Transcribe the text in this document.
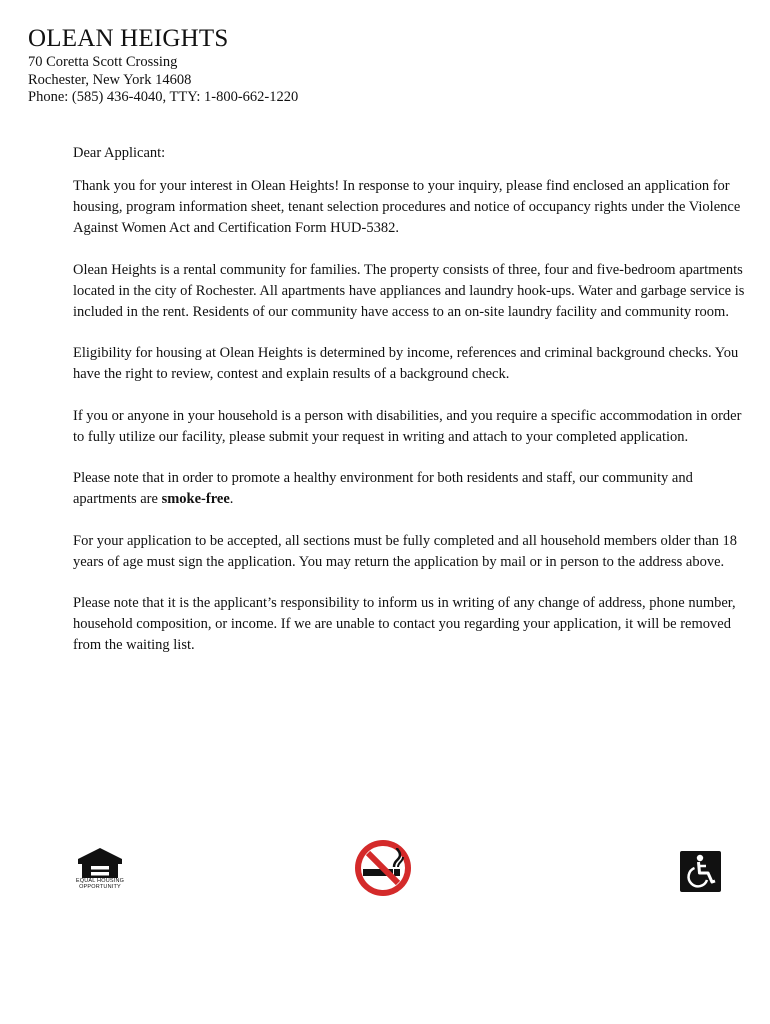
OLEAN HEIGHTS
70 Coretta Scott Crossing
Rochester, New York 14608
Phone: (585) 436-4040, TTY: 1-800-662-1220

Dear Applicant:

Thank you for your interest in Olean Heights! In response to your inquiry, please find enclosed an application for housing, program information sheet, tenant selection procedures and notice of occupancy rights under the Violence Against Women Act and Certification Form HUD-5382.

Olean Heights is a rental community for families. The property consists of three, four and five-bedroom apartments located in the city of Rochester. All apartments have appliances and laundry hook-ups. Water and garbage service is included in the rent. Residents of our community have access to an on-site laundry facility and community room.

Eligibility for housing at Olean Heights is determined by income, references and criminal background checks. You have the right to review, contest and explain results of a background check.

If you or anyone in your household is a person with disabilities, and you require a specific accommodation in order to fully utilize our facility, please submit your request in writing and attach to your completed application.

Please note that in order to promote a healthy environment for both residents and staff, our community and apartments are smoke-free.

For your application to be accepted, all sections must be fully completed and all household members older than 18 years of age must sign the application. You may return the application by mail or in person to the address above.

Please note that it is the applicant’s responsibility to inform us in writing of any change of address, phone number, household composition, or income. If we are unable to contact you regarding your application, it will be removed from the waiting list.

EQUAL HOUSING OPPORTUNITY
